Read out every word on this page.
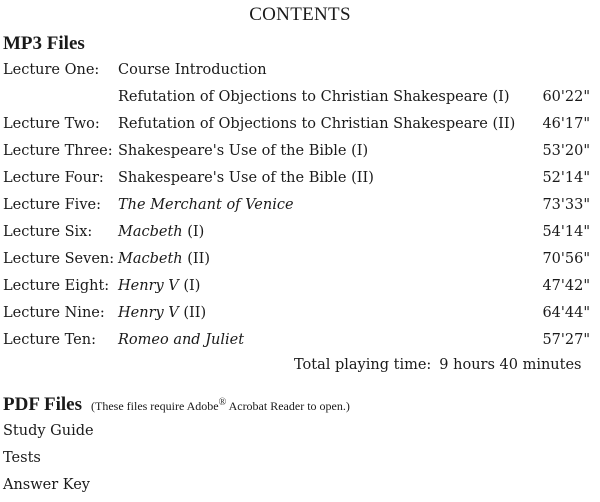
CONTENTS
MP3 Files
Lecture One: Course Introduction
Refutation of Objections to Christian Shakespeare (I) 60'22"
Lecture Two: Refutation of Objections to Christian Shakespeare (II) 46'17"
Lecture Three: Shakespeare's Use of the Bible (I)	53'20"
Lecture Four: Shakespeare's Use of the Bible (II)	52'14"
Lecture Five: The Merchant of Venice	73'33"
Lecture Six: Macbeth (I)	54'14"
Lecture Seven: Macbeth (II)	70'56"
Lecture Eight: Henry V (I)	47'42"
Lecture Nine: Henry V (II)	64'44"
Lecture Ten: Romeo and Juliet	57'27"
Total playing time: 9 hours 40 minutes
PDF Files (These files require Adobe® Acrobat Reader to open.)
Study Guide
Tests
Answer Key
